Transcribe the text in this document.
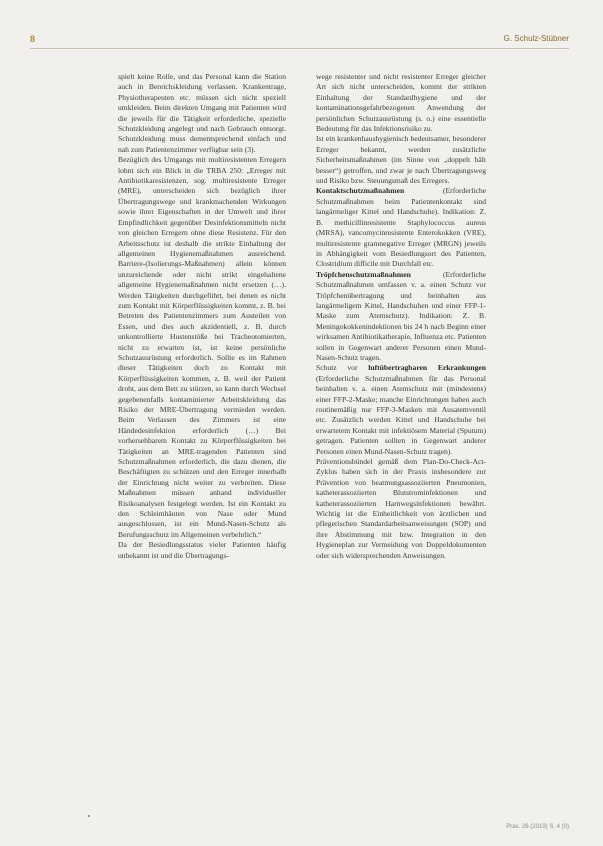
8	G. Schulz-Stübner

spielt keine Rolle, und das Personal kann die Station auch in Bereichskleidung verlassen. Krankentrage, Physiotherapeuten etc. müssen sich nicht speziell umkleiden. Beim direkten Umgang mit Patienten wird die jeweils für die Tätigkeit erforderliche, spezielle Schutzkleidung angelegt und nach Gebrauch entsorgt. Schutzkleidung muss dementsprechend einfach und nah zum Patientenzimmer verfügbar sein (3).

Bezüglich des Umgangs mit multiresistenten Erregern lohnt sich ein Blick in die TRBA 250: „Erreger mit Antibiotikaresistenzen, sog. multiresistente Erreger (MRE), unterscheiden sich bezüglich ihrer Übertragungswege und krankmachenden Wirkungen sowie ihrer Eigenschaften in der Umwelt und ihrer Empfindlichkeit gegenüber Desinfektionsmitteln nicht von gleichen Erregern ohne diese Resistenz. Für den Arbeitsschutz ist deshalb die strikte Einhaltung der allgemeinen Hygienemaßnahmen ausreichend. Barriere-(Isolierungs-Maßnahmen) allein können unzureichende oder nicht strikt eingehaltene allgemeine Hygienemaßnahmen nicht ersetzen (…). Werden Tätigkeiten durchgeführt, bei denen es nicht zum Kontakt mit Körperflüssigkeiten kommt, z. B. bei Betreten des Patientenzimmers zum Austeilen von Essen, und dies auch akzidentiell, z. B. durch unkontrollierte Hustenstöße bei Tracheotomierten, nicht zu erwarten ist, ist keine persönliche Schutzausrüstung erforderlich. Sollte es im Rahmen dieser Tätigkeiten doch zu Kontakt mit Körperflüssigkeiten kommen, z. B. weil der Patient droht, aus dem Bett zu stürzen, so kann durch Wechsel gegebenenfalls kontaminierter Arbeitskleidung das Risiko der MRE-Übertragung vermieden werden. Beim Verlassen des Zimmers ist eine Händedesinfektion erforderlich (…) Bei vorhersehbarem Kontakt zu Körperflüssigkeiten bei Tätigkeiten an MRE-tragenden Patienten sind Schutzmaßnahmen erforderlich, die dazu dienen, die Beschäftigten zu schützen und den Erreger innerhalb der Einrichtung nicht weiter zu verbreiten. Diese Maßnahmen müssen anhand individueller Risikoanalysen festgelegt werden. Ist ein Kontakt zu den Schleimhäuten von Nase oder Mund ausgeschlossen, ist ein Mund-Nasen-Schutz als Berufungsschutz im Allgemeinen verbehrlich.“

Da der Besiedlungsstatus vieler Patienten häufig unbekannt ist und die Übertragungs-

wege resistenter und nicht resistenter Erreger gleicher Art sich nicht unterscheiden, kommt der strikten Einhaltung der Standardhygiene und der kontaminationsgefahrbezogenen Anwendung der persönlichen Schutzausrüstung (s. o.) eine essentielle Bedeutung für das Infektionsrisiko zu.

Ist ein krankenhaushygienisch bedeutsamer, besonderer Erreger bekannt, werden zusätzliche Sicherheitsmaßnahmen (im Sinne von „doppelt hält besser“) getroffen, und zwar je nach Übertragungsweg und Risiko bzw. Steuungsmaß des Erregers.

Kontaktschutzmaßnahmen (Erforderliche Schutzmaßnahmen beim Patientenkontakt sind langärmeliger Kittel und Handschuhe). Indikation: Z. B. methicillinresistente Staphylococcus aureus (MRSA), vancomycinresistente Enterokokken (VRE), multiresistente gramnegative Erreger (MRGN) jeweils in Abhängigkeit vom Besiedlungsort des Patienten, Clostridium difficile mit Durchfall etc.

Tröpfchenschutzmaßnahmen (Erforderliche Schutzmaßnahmen umfassen v. a. einen Schutz vor Tröpfchenübertragung und beinhalten aus langärmeligem Kittel, Handschuhen und einer FFP-1-Maske zum Atemschutz). Indikation: Z. B. Meningokokkenindektionen bis 24 h nach Beginn einer wirksamen Antibiotikatherapie, Influenza etc. Patienten sollen in Gegenwart anderer Personen einen Mund-Nasen-Schutz tragen.

Schutz vor luftübertragbaren Erkrankungen (Erforderliche Schutzmaßnahmen für das Personal beinhalten v. a. einen Atemschutz mit (mindestens) einer FFP-2-Maske; manche Einrichtungen haben auch routinemäßig nur FFP-3-Masken mit Ausatemventil etc. Zusätzlich werden Kittel und Handschuhe bei erwartetem Kontakt mit infektiösem Material (Sputum) getragen. Patienten sollten in Gegenwart anderer Personen einen Mund-Nasen-Schutz tragen).

Präventionsbündel gemäß dem Plan-Do-Check-Act-Zyklus haben sich in der Praxis insbesondere zur Prävention von beatmungsassoziierten Pneumonien, katheterassoziierten Blutstrominfektionen und katheterassoziierten Harnwegsinfektionen bewährt. Wichtig ist die Einheitlichkeit von ärztlichen und pflegerischen Standardarbeitsanweisungen (SOP) und ihre Abstimmung mit bzw. Integration in den Hygieneplan zur Vermeidung von Doppeldokumenten oder sich widersprechenden Anweisungen.

Prax. 26 (2019) S. 4 (0)
